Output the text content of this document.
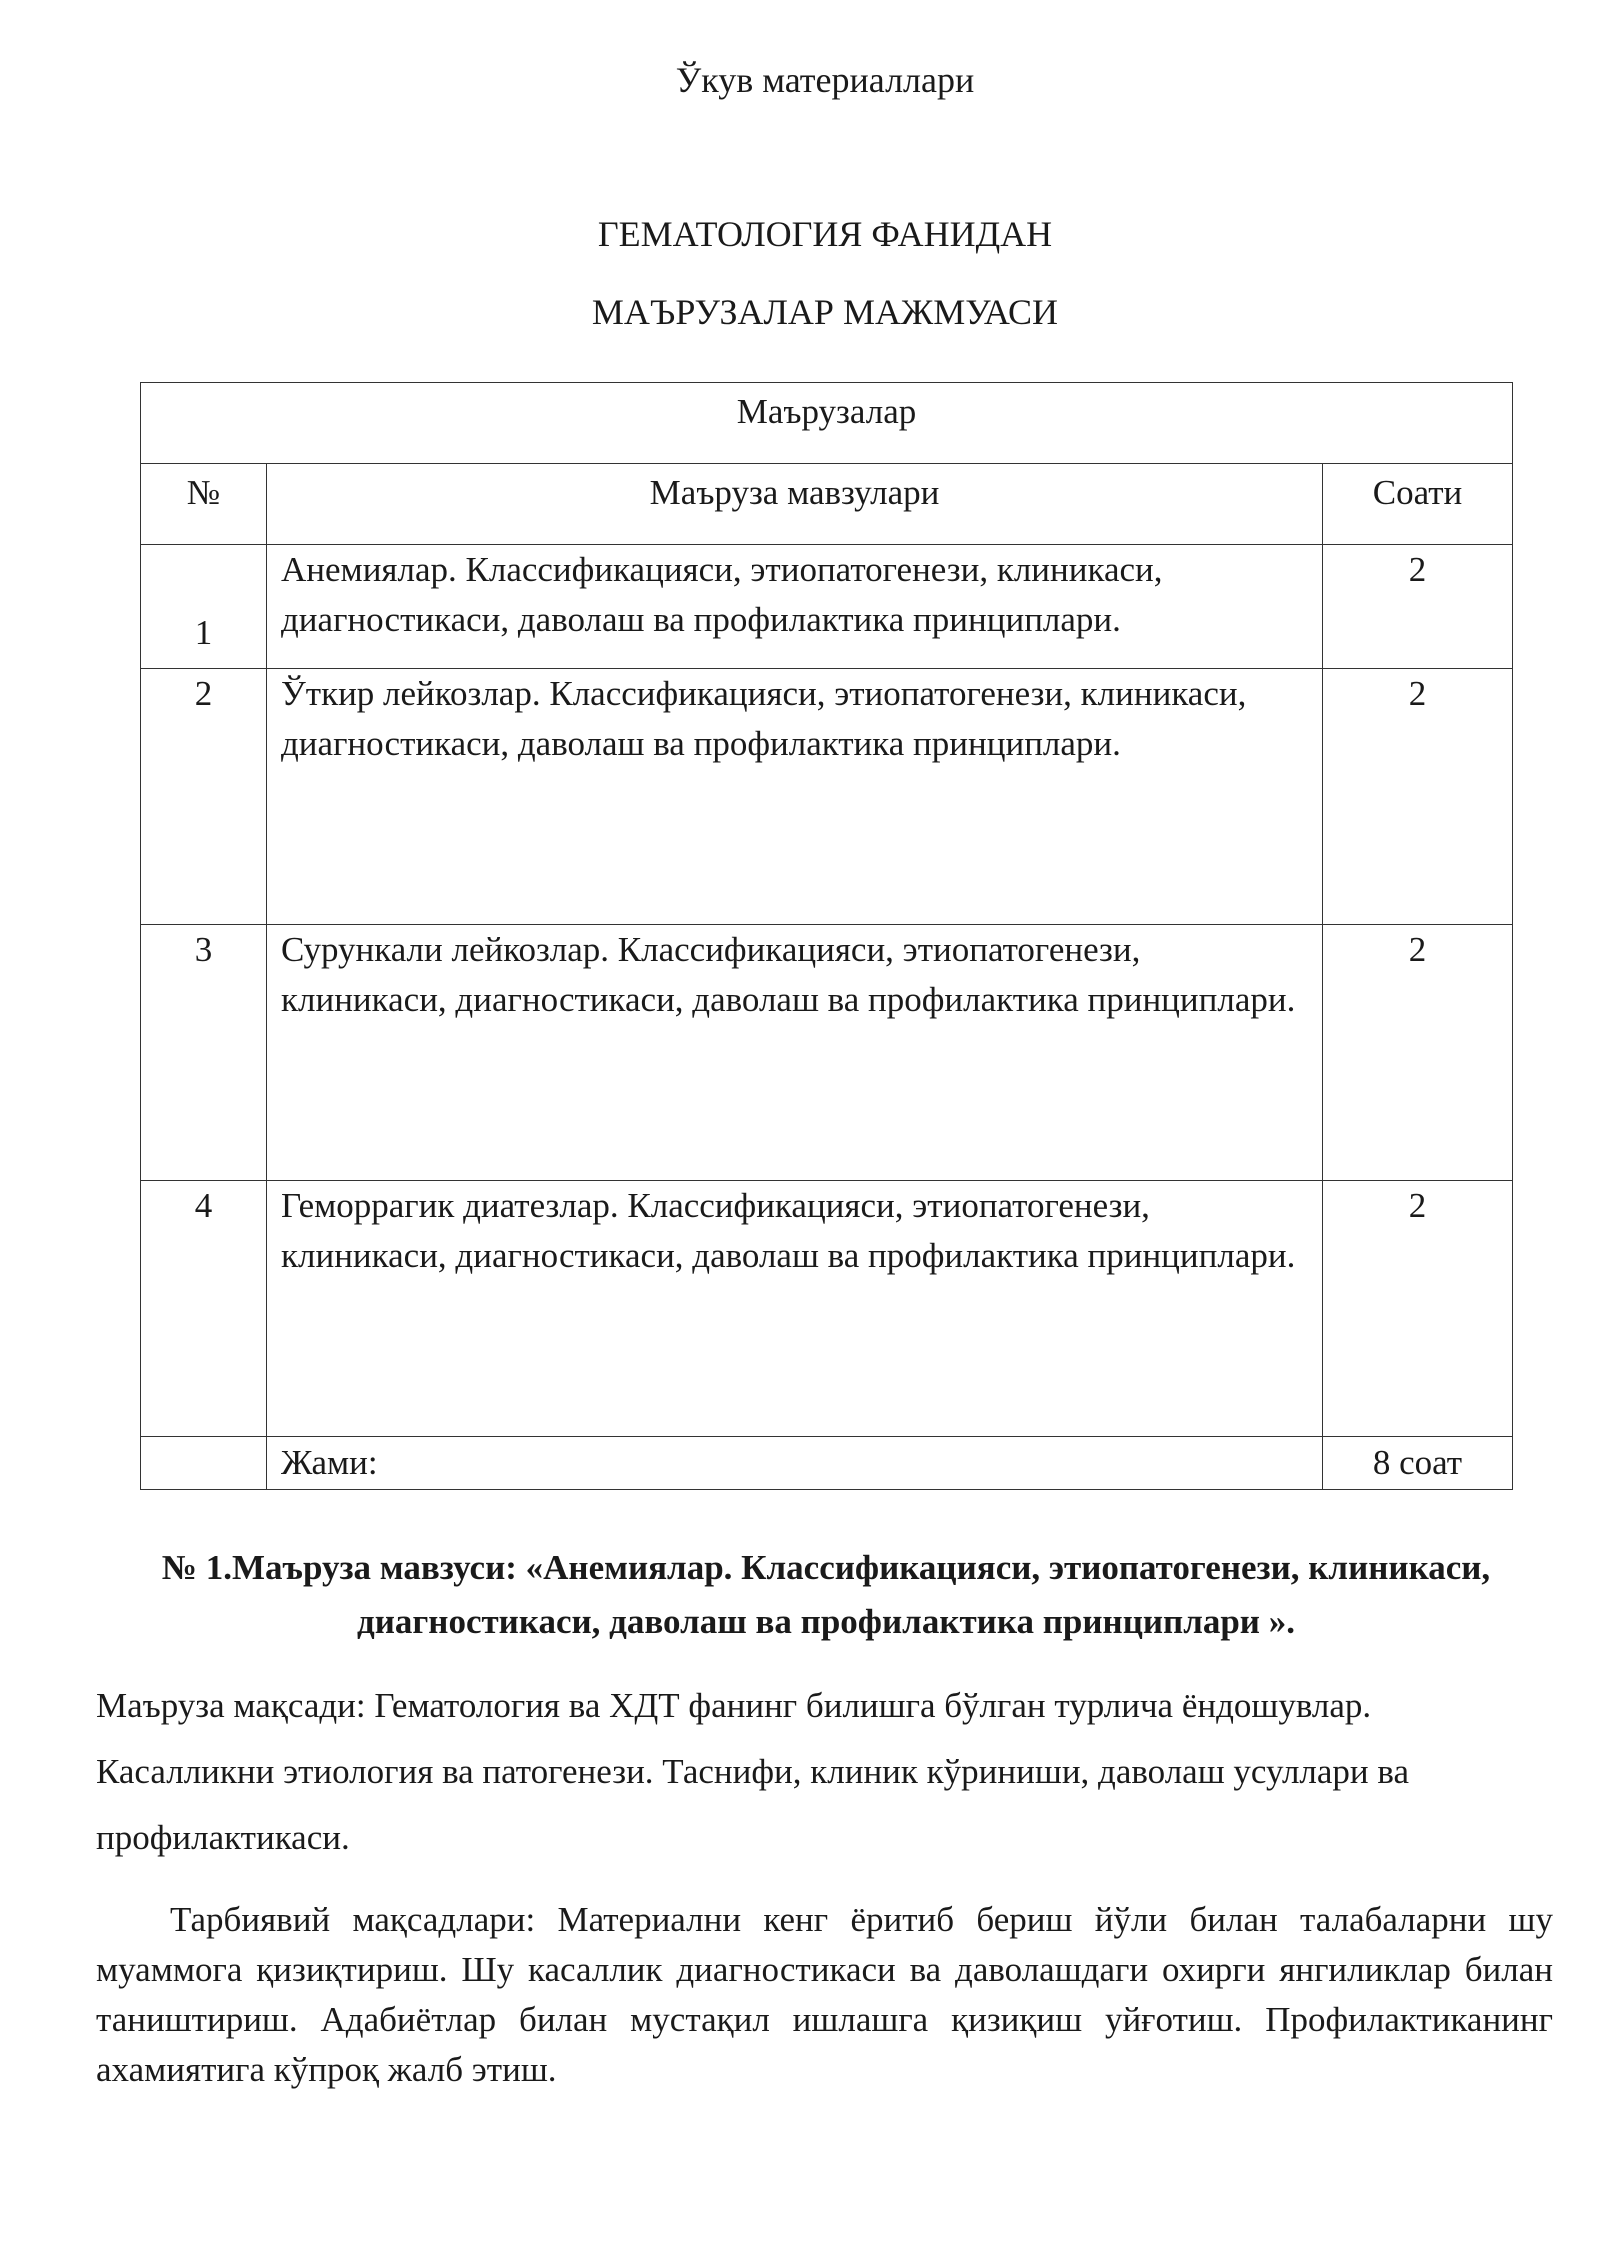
Ўкув материаллари
ГЕМАТОЛОГИЯ ФАНИДАН
МАЪРУЗАЛАР МАЖМУАСИ
Маърузалар		
№	Маъруза мавзулари	Соати
1	Анемиялар. Классификацияси, этиопатогенези, клиникаси, диагностикаси, даволаш ва профилактика принциплари.	2
2	Ўткир лейкозлар. Классификацияси, этиопатогенези, клиникаси, диагностикаси, даволаш ва профилактика принциплари.	2
3	Сурункали лейкозлар. Классификацияси, этиопатогенези, клиникаси, диагностикаси, даволаш ва профилактика принциплари.	2
4	Геморрагик диатезлар. Классификацияси, этиопатогенези, клиникаси, диагностикаси, даволаш ва профилактика принциплари.	2
	Жами:	8 соат
№ 1.Маъруза мавзуси: «Анемиялар. Классификацияси, этиопатогенези, клиникаси, диагностикаси, даволаш ва профилактика принциплари ».
Маъруза мақсади: Гематология ва ХДТ фанинг билишга бўлган турлича ёндошувлар. Касалликни этиология ва патогенези. Таснифи, клиник кўриниши, даволаш усуллари ва профилактикаси.
Тарбиявий мақсадлари: Материални кенг ёритиб бериш йўли билан талабаларни шу муаммога қизиқтириш. Шу касаллик диагностикаси ва даволашдаги охирги янгиликлар билан таништириш. Адабиётлар билан мустақил ишлашга қизиқиш уйғотиш. Профилактиканинг ахамиятига кўпроқ жалб этиш.
